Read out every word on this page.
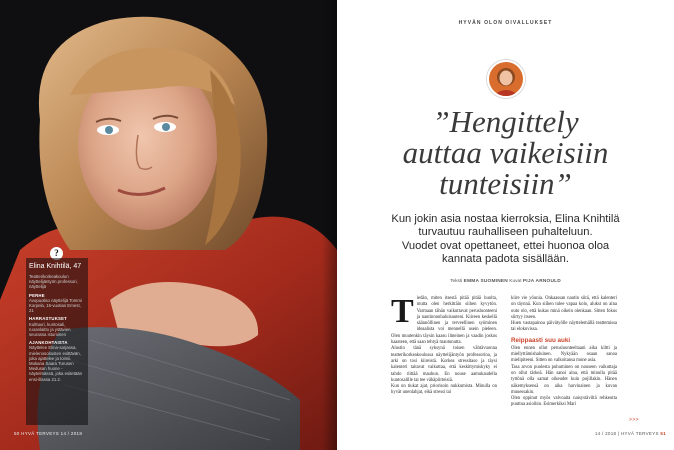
?
Elina Knihtilä, 47
Teatterikorkeakoulun näyttelijäntyön professori, näyttelijä
PERHE
Avopuoliso näyttelijä Tommi Korpela, 16-vuotias Ernest, 21
HARRASTUKSET
Kulttuuri, kuntosali, ruoanlaitto ja ystävien seurassa istuminen
AJANKOHTAISTA
Näyttelee Elina-sarjassa, mielenosoitusten esittävän, joka ajattelee ja toimii. Mukana Saara Turusen Medusan huone -näytelmässä, joka esitetään ensi-illassa 21.2.
50 HYVÄ TERVEYS 14 / 2018
HYVÄN OLON OIVALLUKSET
”Hengittely
auttaa vaikeisiin
tunteisiin”
Kun jokin asia nostaa kierroksia, Elina Knihtilä
turvautuu rauhalliseen puhalteluun.
Vuodet ovat opettaneet, ettei huonoa oloa
kannata padota sisällään.
Teksti EMMA SUOMINEN Kuvat PIJA ARNOULD
T iedän, miten itsestä pitää pitää huolta, mutta olen herkittäin siihen kyvytön. Varmaan tähän vaikuttavat perusluonteeni ja nautinnonhaluisuuteni. Kiireen keskellä säännöllinen ja terveellinen syöminen ideaalista voi mennellä usein pieleen. Olen muutenkin täysin kaasu ilmeinen ja vaadin joskus haasteen, että saan tehtyä mautunutta.

Alustin tänä syksynä toisen vähtävuonna teatterikorkeakoulussa näyttelijäntyön professorina, ja arki on tosi kiireistä. Korkea stressitaso ja täysi kalenteri taitavat vaikuttaa, että keskittymiskyky ei tahdo riittää mauhun. En nouse aamukaudella kuntosalille tai tee vähäpiirteisiä.

Kun on tiukat ajat, priorisoin nukkumista. Minulla on hyvät unenlahjat, eikä stressi tai

kiire vie yöunia. Onkaassan nautin siitä, että kalenteri on täynnä. Kun siihen tulee vapaa kolo, alukst on aina outo olo, että kukas minä oikein olenkaan. Sitten fokus siirtyy itseen.

Huen vastapainoa päivätyölle näyttelemällä teattemissa tai elokuvissa.

Reippaasti suu auki

Olen ennen ollut perusluonteeltaani aika kiltti ja miellyttämishaluinen. Nykyään osaan sanoa mielipiteeni. Sitten on valkoitansa mone asia.

Tasa arvon puolesta puhuminen on nouseen vaikuttaja on ollut tärkeä. Hän sanoi aina, että minulla pitää tyttönä olla samat oikeudet kuin pojillakin. Hänen näkemyksensä on aika harvinainen ja kuvan muuessakin.

Olen oppinut myös valvoaita naisystäviltä rehkeutta puuttua asioihin. Esimerkiksi Mari

>>>
14 / 2018 | HYVÄ TERVEYS 51
